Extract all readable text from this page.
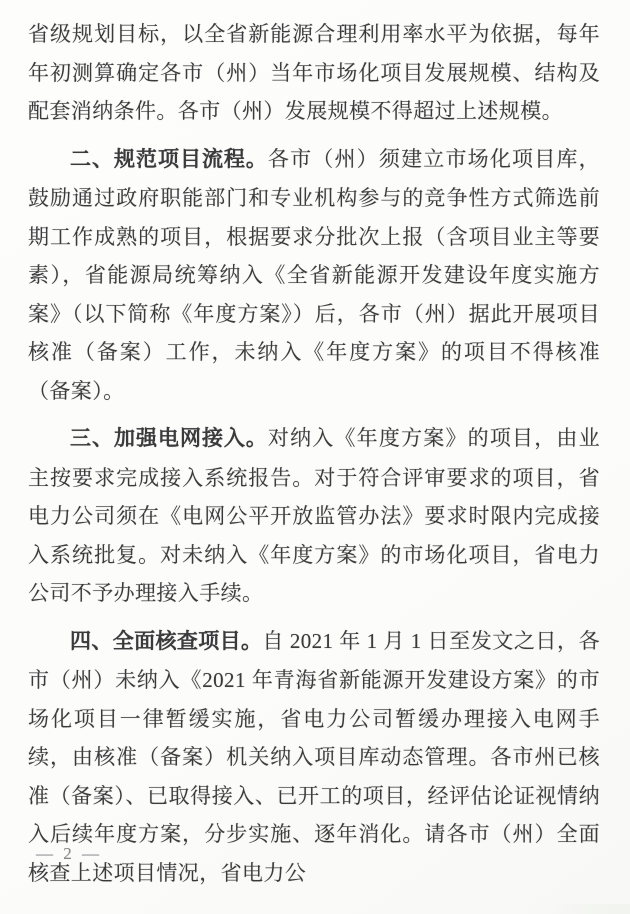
省级规划目标，以全省新能源合理利用率水平为依据，每年年初测算确定各市（州）当年市场化项目发展规模、结构及配套消纳条件。各市（州）发展规模不得超过上述规模。

二、规范项目流程。各市（州）须建立市场化项目库，鼓励通过政府职能部门和专业机构参与的竞争性方式筛选前期工作成熟的项目，根据要求分批次上报（含项目业主等要素），省能源局统筹纳入《全省新能源开发建设年度实施方案》（以下简称《年度方案》）后，各市（州）据此开展项目核准（备案）工作，未纳入《年度方案》的项目不得核准（备案）。

三、加强电网接入。对纳入《年度方案》的项目，由业主按要求完成接入系统报告。对于符合评审要求的项目，省电力公司须在《电网公平开放监管办法》要求时限内完成接入系统批复。对未纳入《年度方案》的市场化项目，省电力公司不予办理接入手续。

四、全面核查项目。自 2021 年 1 月 1 日至发文之日，各市（州）未纳入《2021 年青海省新能源开发建设方案》的市场化项目一律暂缓实施，省电力公司暂缓办理接入电网手续，由核准（备案）机关纳入项目库动态管理。各市州已核准（备案）、已取得接入、已开工的项目，经评估论证视情纳入后续年度方案，分步实施、逐年消化。请各市（州）全面核查上述项目情况，省电力公

— 2 —
